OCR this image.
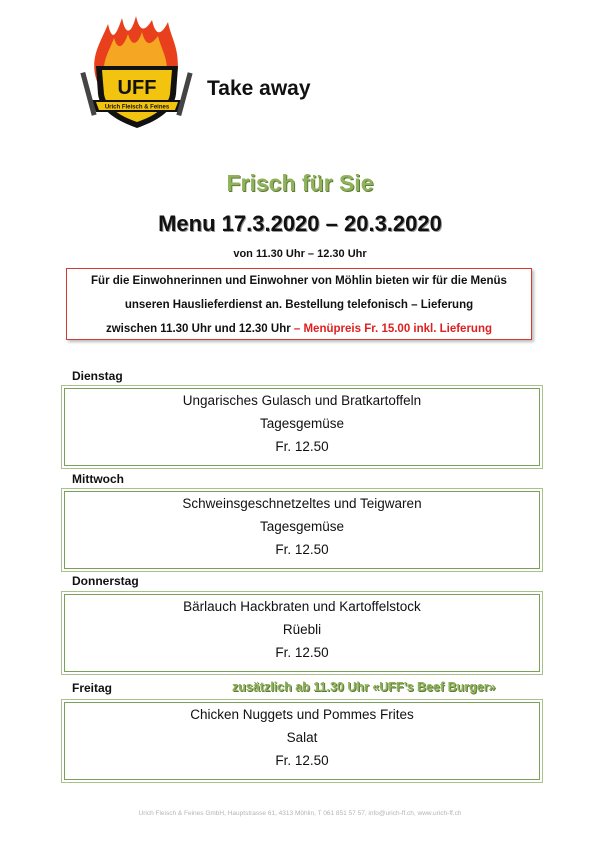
UFF
Urich Fleisch & Feines
Take away
Frisch für Sie
Menu 17.3.2020 – 20.3.2020
von 11.30 Uhr – 12.30 Uhr
Für die Einwohnerinnen und Einwohner von Möhlin bieten wir für die Menüs
unseren Hauslieferdienst an. Bestellung telefonisch – Lieferung
zwischen 11.30 Uhr und 12.30 Uhr – Menüpreis Fr. 15.00 inkl. Lieferung
Dienstag
Ungarisches Gulasch und Bratkartoffeln
Tagesgemüse
Fr. 12.50
Mittwoch
Schweinsgeschnetzeltes und Teigwaren
Tagesgemüse
Fr. 12.50
Donnerstag
Bärlauch Hackbraten und Kartoffelstock
Rüebli
Fr. 12.50
Freitag	zusätzlich ab 11.30 Uhr «UFF’s Beef Burger»
Chicken Nuggets und Pommes Frites
Salat
Fr. 12.50
Urich Fleisch & Feines GmbH, Hauptstrasse 61, 4313 Möhlin, T 061 851 57 57, info@urich-ff.ch, www.urich-ff.ch
